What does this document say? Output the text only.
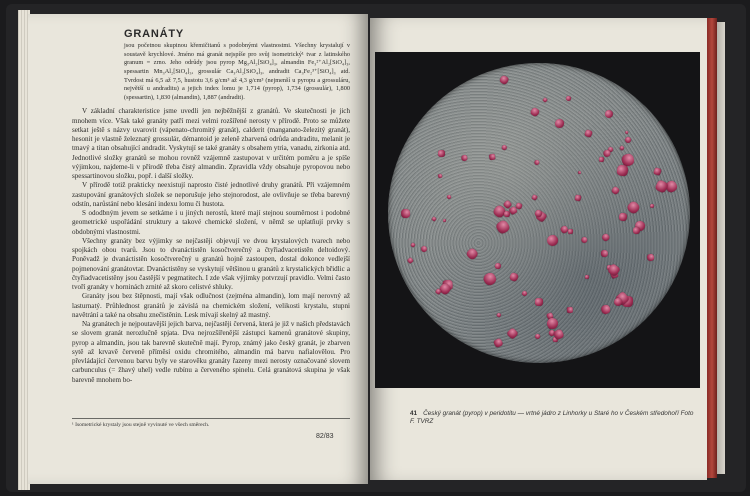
GRANÁTY
jsou početnou skupinou křemičitanů s podobnými vlastnostmi. Všechny krystalují v soustavě krychlové. Jméno má granát nejspíše pro svůj isometrický¹ tvar z latinského granum = zrno. Jeho odrůdy jsou pyrop Mg₃Al₂[SiO₄]₃, almandin Fe₃²⁺Al₂[SiO₄]₃, spessartin Mn₃Al₂[SiO₄]₃, grossulár Ca₃Al₂[SiO₄]₃, andradit Ca₃Fe₂³⁺[SiO₄]₃ atd. Tvrdost má 6,5 až 7,5, hustotu 3,6 g/cm³ až 4,3 g/cm³ (nejmenší u pyropu a grossuláru, největší u andraditu) a jejich index lomu je 1,714 (pyrop), 1,734 (grossulár), 1,800 (spessartin), 1,830 (almandin), 1,887 (andradit).

V základní charakteristice jsme uvedli jen nejběžnější z granátů. Ve skutečnosti je jich mnohem více. Však také granáty patří mezi velmi rozšířené nerosty v přírodě. Proto se můžete setkat ještě s názvy uvarovit (vápenato-chromitý granát), calderit (manganato-železitý granát), hesonit je vlastně železnatý grossulár, démantoid je zeleně zbarvená odrůda andraditu, melanit je tmavý a titan obsahující andradit. Vyskytují se také granáty s obsahem ytria, vanadu, zirkonia atd. Jednotlivé složky granátů se mohou rovněž vzájemně zastupovat v určitém poměru a je spíše výjimkou, najdeme-li v přírodě třeba čistý almandin. Zpravidla vždy obsahuje pyropovou nebo spessartinovou složku, popř. i další složky.

V přírodě totiž prakticky neexistují naprosto čisté jednotlivé druhy granátů. Při vzájemném zastupování granátových složek se neporušuje jeho stejnorodost, ale ovlivňuje se třeba barevný odstín, narůstání nebo klesání indexu lomu či hustota.

S ododbným jevem se setkáme i u jiných nerostů, které mají stejnou souměrnost i podobné geometrické uspořádání struktury a takové chemické složení, v němž se uplatňují prvky s obdobnými vlastnostmi.

Všechny granáty bez výjimky se nejčastěji objevují ve dvou krystalových tvarech nebo spojkách obou tvarů. Jsou to dvanáctistěn kosočtverečný a čtyřiadvacetistěn deltoidový. Poněvadž je dvanáctistěn kosočtverečný u granátů hojně zastoupen, dostal dokonce vedlejší pojmenování granátovtar. Dvanáctistěny se vyskytují většinou u granátů z krystalických břidlic a čtyřiadvacetistěny jsou častější v pegmatitech. I zde však výjimky potvrzují pravidlo. Velmi často tvoří granáty v horninách zrnité až skoro celistvé shluky.

Granáty jsou bez štěpnosti, mají však odlučnost (zejména almandin), lom mají nerovný až lasturnatý. Průhlednost granátů je závislá na chemickém složení, velikosti krystalu, stupni navětrání a také na obsahu znečistěnin. Lesk mívají skelný až mastný.

Na granátech je nejpoutavější jejich barva, nejčastěji červená, která je již v našich představách se slovem granát nerozlučně spjata. Dva nejrozšířenější zástupci kamenů granátové skupiny, pyrop a almandin, jsou tak barevně skutečně mají. Pyrop, známý jako český granát, je zbarven sytě až krvavě červeně příměsí oxidu chromitého, almandin má barvu nafialovělou. Pro převládající červenou barvu byly ve starověku granáty řazeny mezi nerosty označované slovem carbunculus (= žhavý uhel) vedle rubínu a červeného spinelu. Celá granátová skupina je však barevně mnohem bo-

¹ Isometrické krystaly jsou stejně vyvinuté ve všech směrech.
82/83
41 Český granát (pyrop) v peridotitu — vrtné jádro z Linhorky u Staré ho v Českém středohoří Foto F. TVRZ
